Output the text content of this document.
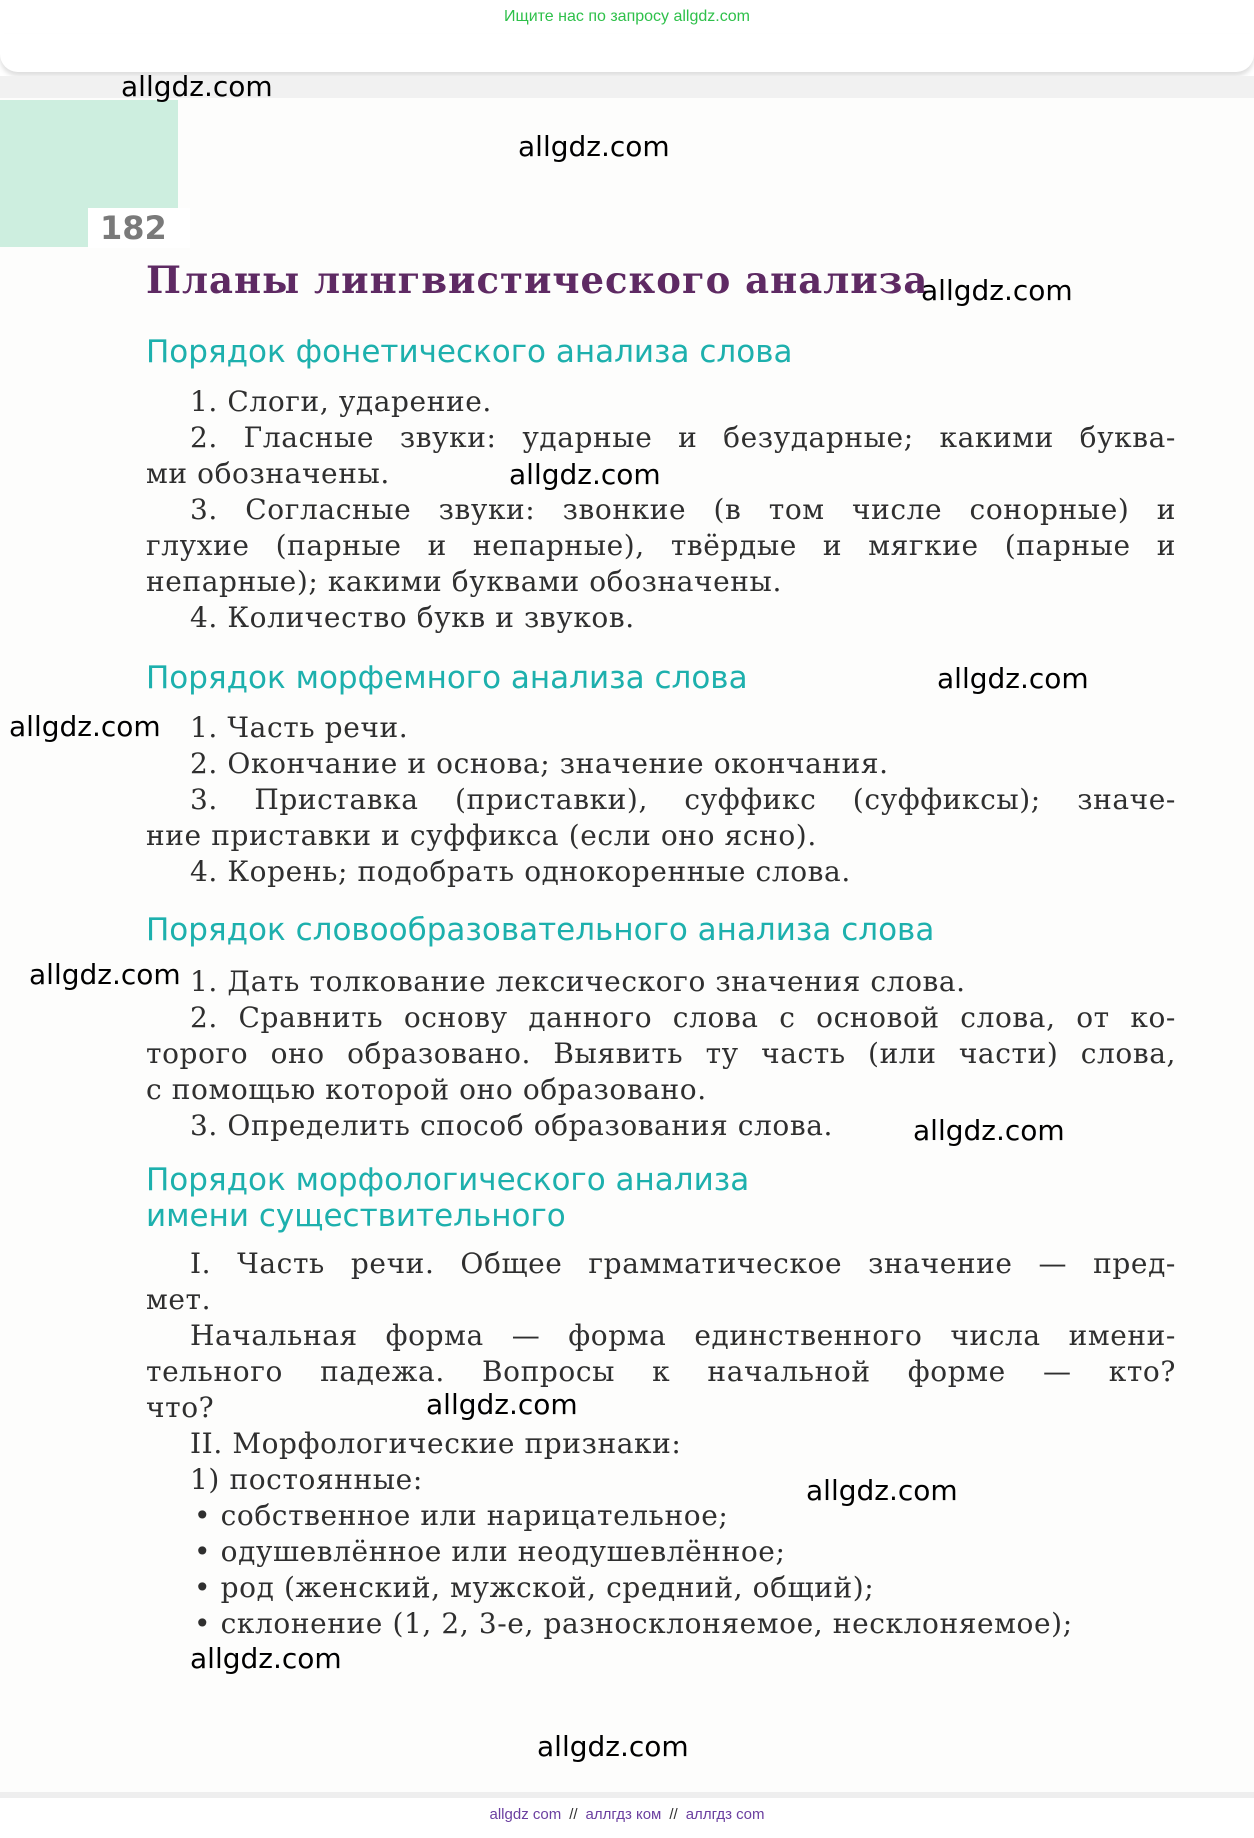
Ищите нас по запросу allgdz.com
182
Планы лингвистического анализа
Порядок фонетического анализа слова
1. Слоги, ударение.
2. Гласные звуки: ударные и безударные; какими буква-
ми обозначены.
3. Согласные звуки: звонкие (в том числе сонорные) и
глухие (парные и непарные), твёрдые и мягкие (парные и
непарные); какими буквами обозначены.
4. Количество букв и звуков.
Порядок морфемного анализа слова
1. Часть речи.
2. Окончание и основа; значение окончания.
3. Приставка (приставки), суффикс (суффиксы); значе-
ние приставки и суффикса (если оно ясно).
4. Корень; подобрать однокоренные слова.
Порядок словообразовательного анализа слова
1. Дать толкование лексического значения слова.
2. Сравнить основу данного слова с основой слова, от ко-
торого оно образовано. Выявить ту часть (или части) слова,
с помощью которой оно образовано.
3. Определить способ образования слова.
Порядок морфологического анализа
имени существительного
I. Часть речи. Общее грамматическое значение — пред-
мет.
Начальная форма — форма единственного числа имени-
тельного падежа. Вопросы к начальной форме — кто?
что?
II. Морфологические признаки:
1) постоянные:
• собственное или нарицательное;
• одушевлённое или неодушевлённое;
• род (женский, мужской, средний, общий);
• склонение (1, 2, 3-е, разносклоняемое, несклоняемое);
allgdz.com
allgdz.com
allgdz.com
allgdz.com
allgdz.com
allgdz.com
allgdz.com
allgdz.com
allgdz.com
allgdz.com
allgdz.com
allgdz.com
allgdz com // аллгдз ком // аллгдз com
